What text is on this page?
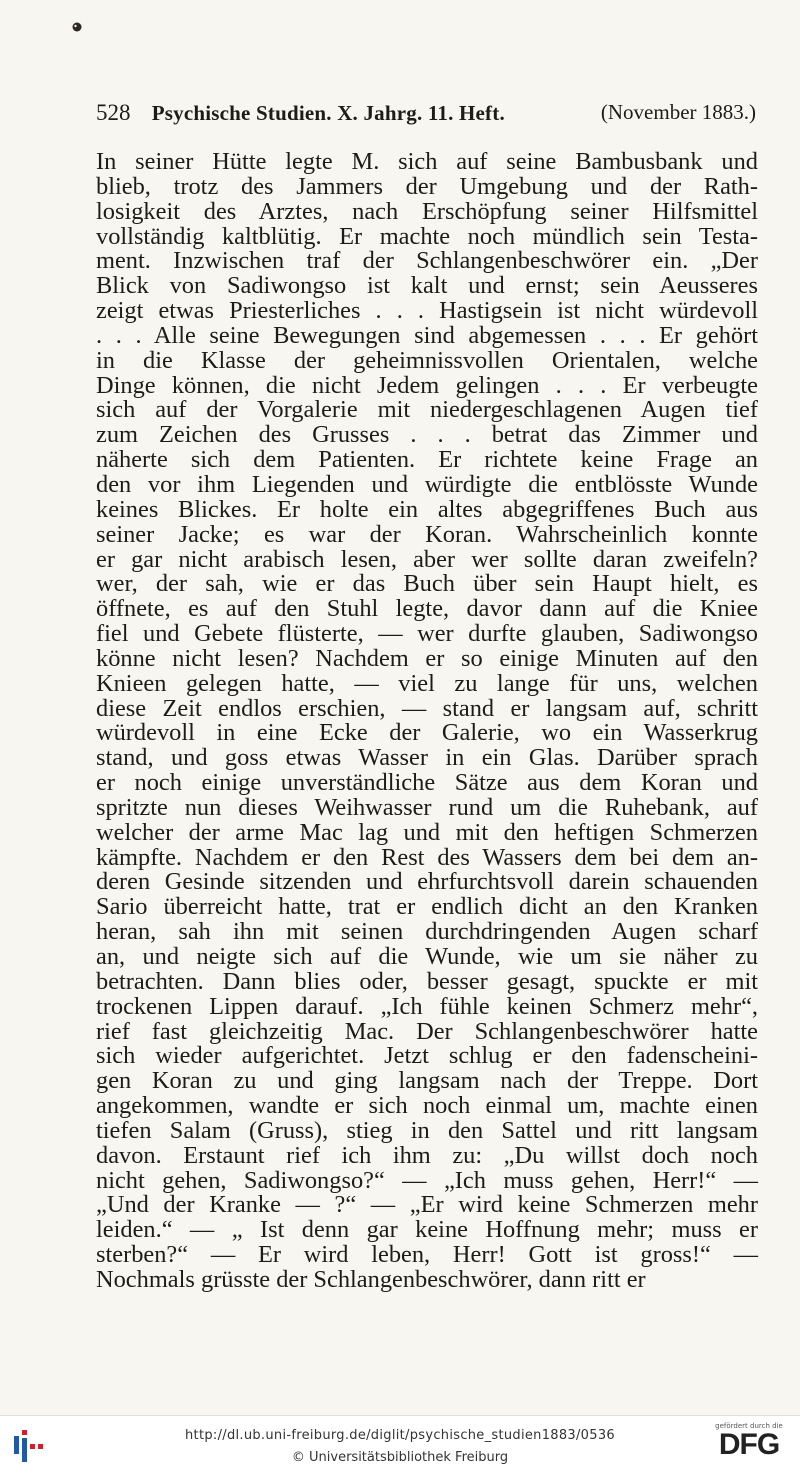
528 Psychische Studien. X. Jahrg. 11. Heft.	(November 1883.)
In seiner Hütte legte M. sich auf seine Bambusbank und
blieb, trotz des Jammers der Umgebung und der Rath-
losigkeit des Arztes, nach Erschöpfung seiner Hilfsmittel
vollständig kaltblütig. Er machte noch mündlich sein Testa-
ment. Inzwischen traf der Schlangenbeschwörer ein. „Der
Blick von Sadiwongso ist kalt und ernst; sein Aeusseres
zeigt etwas Priesterliches . . . Hastigsein ist nicht würdevoll
. . . Alle seine Bewegungen sind abgemessen . . . Er gehört
in die Klasse der geheimnissvollen Orientalen, welche
Dinge können, die nicht Jedem gelingen . . . Er verbeugte
sich auf der Vorgalerie mit niedergeschlagenen Augen tief
zum Zeichen des Grusses . . . betrat das Zimmer und
näherte sich dem Patienten. Er richtete keine Frage an
den vor ihm Liegenden und würdigte die entblösste Wunde
keines Blickes. Er holte ein altes abgegriffenes Buch aus
seiner Jacke; es war der Koran. Wahrscheinlich konnte
er gar nicht arabisch lesen, aber wer sollte daran zweifeln?
wer, der sah, wie er das Buch über sein Haupt hielt, es
öffnete, es auf den Stuhl legte, davor dann auf die Kniee
fiel und Gebete flüsterte, — wer durfte glauben, Sadiwongso
könne nicht lesen? Nachdem er so einige Minuten auf den
Knieen gelegen hatte, — viel zu lange für uns, welchen
diese Zeit endlos erschien, — stand er langsam auf, schritt
würdevoll in eine Ecke der Galerie, wo ein Wasserkrug
stand, und goss etwas Wasser in ein Glas. Darüber sprach
er noch einige unverständliche Sätze aus dem Koran und
spritzte nun dieses Weihwasser rund um die Ruhebank, auf
welcher der arme Mac lag und mit den heftigen Schmerzen
kämpfte. Nachdem er den Rest des Wassers dem bei dem an-
deren Gesinde sitzenden und ehrfurchtsvoll darein schauenden
Sario überreicht hatte, trat er endlich dicht an den Kranken
heran, sah ihn mit seinen durchdringenden Augen scharf
an, und neigte sich auf die Wunde, wie um sie näher zu
betrachten. Dann blies oder, besser gesagt, spuckte er mit
trockenen Lippen darauf. „Ich fühle keinen Schmerz mehr“,
rief fast gleichzeitig Mac. Der Schlangenbeschwörer hatte
sich wieder aufgerichtet. Jetzt schlug er den fadenscheini-
gen Koran zu und ging langsam nach der Treppe. Dort
angekommen, wandte er sich noch einmal um, machte einen
tiefen Salam (Gruss), stieg in den Sattel und ritt langsam
davon. Erstaunt rief ich ihm zu: „Du willst doch noch
nicht gehen, Sadiwongso?“ — „Ich muss gehen, Herr!“ —
„Und der Kranke — ?“ — „Er wird keine Schmerzen mehr
leiden.“ — „ Ist denn gar keine Hoffnung mehr; muss er
sterben?“ — Er wird leben, Herr! Gott ist gross!“ —
Nochmals grüsste der Schlangenbeschwörer, dann ritt er
http://dl.ub.uni-freiburg.de/diglit/psychische_studien1883/0536
© Universitätsbibliothek Freiburg
gefördert durch die
DFG
